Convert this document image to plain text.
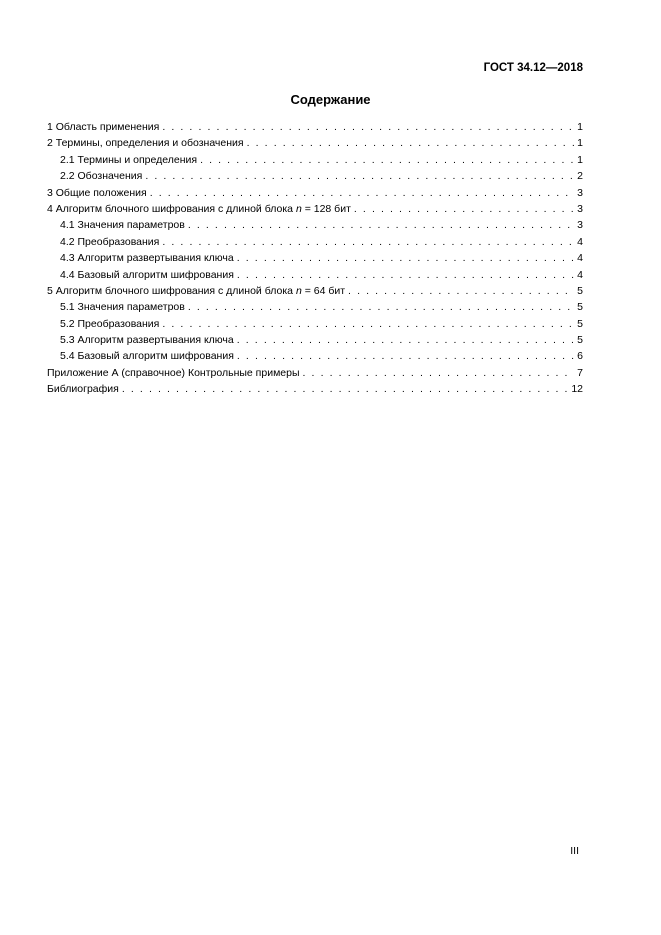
ГОСТ 34.12—2018
Содержание
1 Область применения . . .	1
2 Термины, определения и обозначения . . .	1
2.1 Термины и определения . . .	1
2.2 Обозначения . . .	2
3 Общие положения . . .	3
4 Алгоритм блочного шифрования с длиной блока n = 128 бит . . .	3
4.1 Значения параметров . . .	3
4.2 Преобразования . . .	4
4.3 Алгоритм развертывания ключа . . .	4
4.4 Базовый алгоритм шифрования . . .	4
5 Алгоритм блочного шифрования с длиной блока n = 64 бит . . .	5
5.1 Значения параметров . . .	5
5.2 Преобразования . . .	5
5.3 Алгоритм развертывания ключа . . .	5
5.4 Базовый алгоритм шифрования . . .	6
Приложение А (справочное) Контрольные примеры . . .	7
Библиография . . .	12
III
